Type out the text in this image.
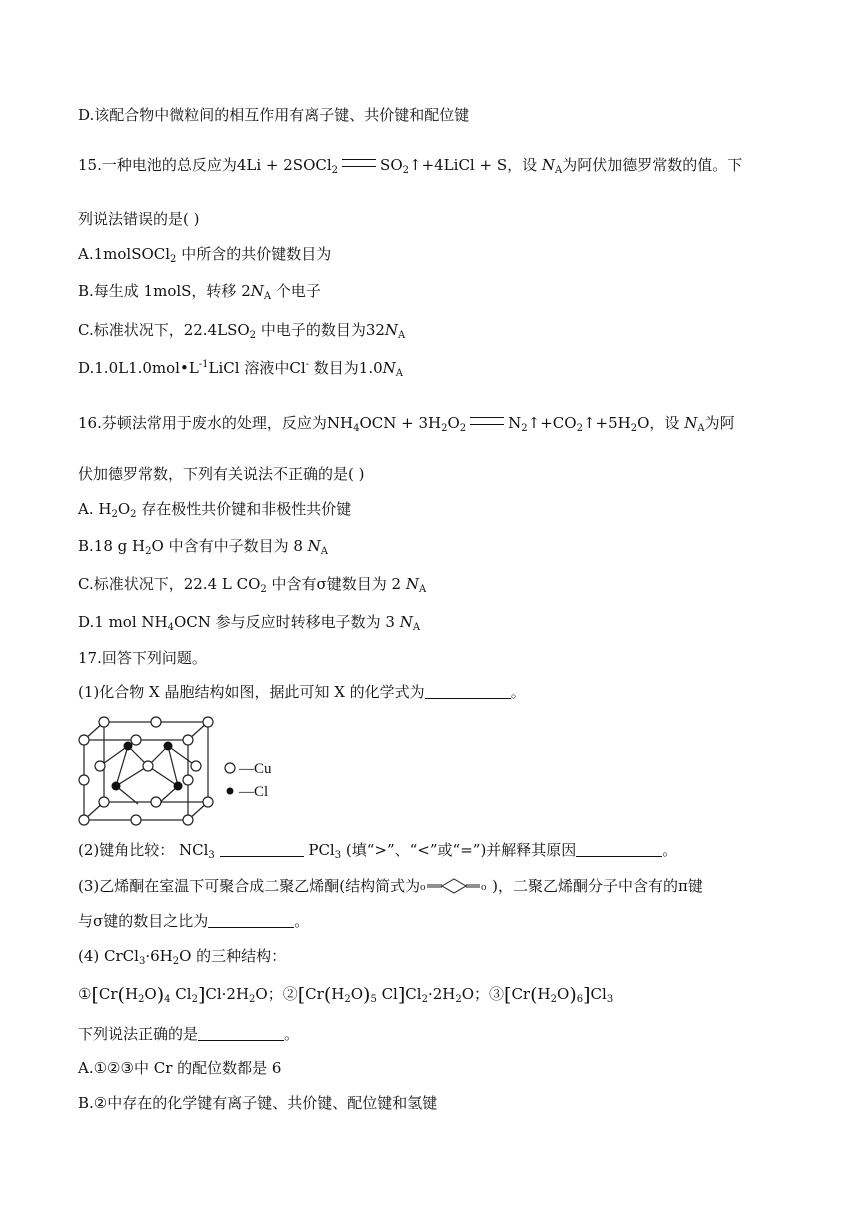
D.该配合物中微粒间的相互作用有离子键、共价键和配位键
15.一种电池的总反应为4Li + 2SOCl$_2$	$SO_2↑+4LiCl + S$，设 $N_A$为阿伏加德罗常数的值。下
列说法错误的是( )
A.1molSOCl$_2$ 中所含的共价键数目为
B.每生成 1molS，转移 $2N_A$ 个电子
C.标准状况下，$22.4LSO_2$ 中电子的数目为$32N_A$
$D.1.0L1.0mol•L^{-1}LiCl$ 溶液中Cl- 数目为$1.0N_A$
16.芬顿法常用于废水的处理，反应为$NH_4OCN + 3H_2O_2$	$N_2↑+CO_2↑+5H_2O$，设 $N_A$为阿
伏加德罗常数，下列有关说法不正确的是( )
A. $H_2O_2$ 存在极性共价键和非极性共价键
B.18 g $H_2O$ 中含有中子数目为 8 $N_A$
C.标准状况下，22.4 L $CO_2$ 中含有σ键数目为 2 $N_A$
D.1 mol $NH_4OCN$ 参与反应时转移电子数为 3 $N_A$
17.回答下列问题。
(1)化合物 X 晶胞结构如图，据此可知 X 的化学式为	。
—Cu
—Cl
(2)键角比较： NCl$_3$	PCl$_3$ (填“>”、“<”或“=”)并解释其原因	。
(3)乙烯酮在室温下可聚合成二聚乙烯酮(结构简式为 o	o )，二聚乙烯酮分子中含有的π键
与σ键的数目之比为	。
(4) $CrCl_3\cdot 6H_2O$ 的三种结构：
$①[Cr(H_2O)_4$ $Cl_2]Cl\cdot 2H_2O$；$②[Cr(H_2O)_5$ $Cl]Cl_2\cdot 2H_2O$；$③[Cr(H_2O)_6]Cl_3$
下列说法正确的是	。
A.①②③中 Cr 的配位数都是 6
B.②中存在的化学键有离子键、共价键、配位键和氢键
